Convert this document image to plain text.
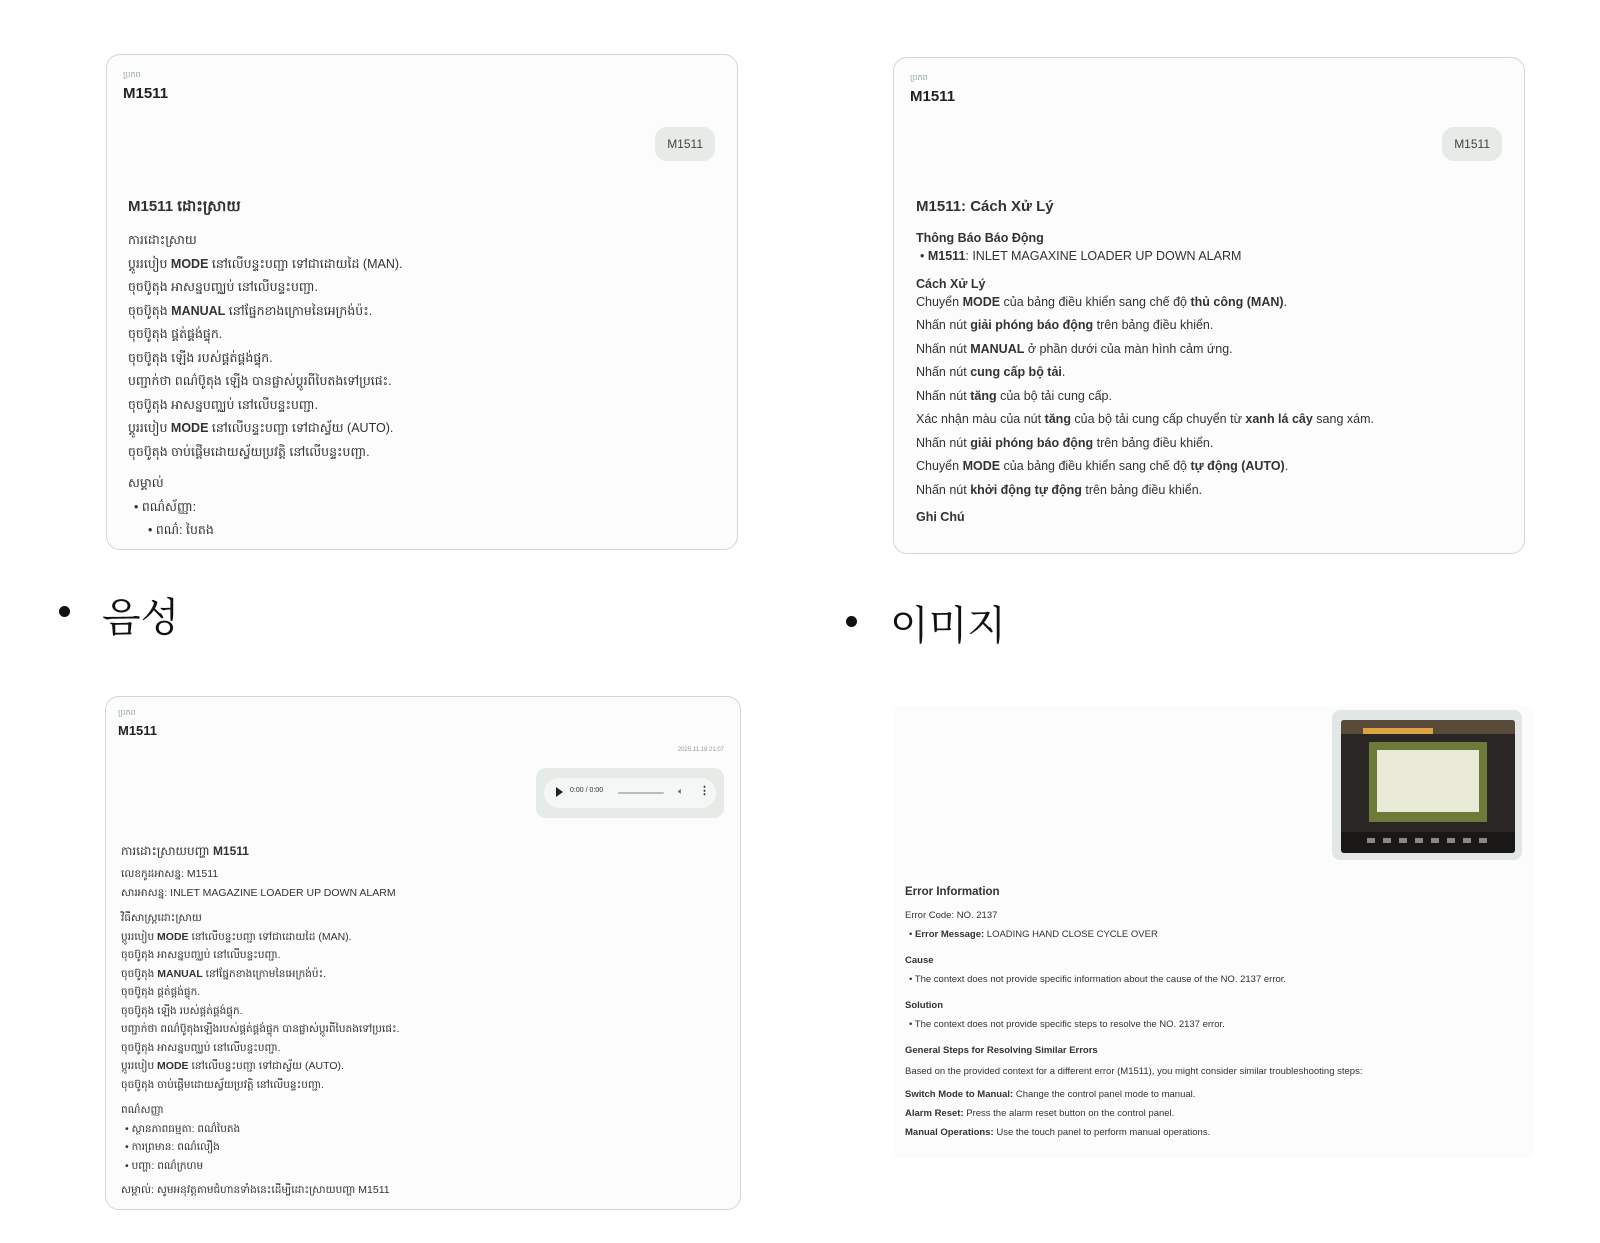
ប្រភព
M1511
M1511
M1511 ដោះស្រាយ
ការដោះស្រាយ
ប្តូររបៀប MODE នៅលើបន្ទះបញ្ជា ទៅជាដោយដៃ (MAN).
ចុចប៊ូតុង អាសន្នបញ្ឈប់ នៅលើបន្ទះបញ្ជា.
ចុចប៊ូតុង MANUAL នៅផ្នែកខាងក្រោមនៃអេក្រង់ប៉ះ.
ចុចប៊ូតុង ផ្គត់ផ្គង់ផ្ទុក.
ចុចប៊ូតុង ឡើង របស់ផ្គត់ផ្គង់ផ្ទុក.
បញ្ជាក់ថា ពណ៌ប៊ូតុង ឡើង បានផ្លាស់ប្តូរពីបៃតងទៅប្រផេះ.
ចុចប៊ូតុង អាសន្នបញ្ឈប់ នៅលើបន្ទះបញ្ជា.
ប្តូររបៀប MODE នៅលើបន្ទះបញ្ជា ទៅជាស្វ័យ (AUTO).
ចុចប៊ូតុង ចាប់ផ្តើមដោយស្វ័យប្រវត្តិ នៅលើបន្ទះបញ្ជា.
សម្គាល់
• ពណ៌ស័ញ្ញា:
• ពណ៌: បៃតង
ប្រភព
M1511
M1511
M1511: Cách Xử Lý
Thông Báo Báo Động
• M1511: INLET MAGAXINE LOADER UP DOWN ALARM
Cách Xử Lý
Chuyển MODE của bảng điều khiển sang chế độ thủ công (MAN).
Nhấn nút giải phóng báo động trên bảng điều khiển.
Nhấn nút MANUAL ở phần dưới của màn hình cảm ứng.
Nhấn nút cung cấp bộ tải.
Nhấn nút tăng của bộ tải cung cấp.
Xác nhận màu của nút tăng của bộ tải cung cấp chuyển từ xanh lá cây sang xám.
Nhấn nút giải phóng báo động trên bảng điều khiển.
Chuyển MODE của bảng điều khiển sang chế độ tự động (AUTO).
Nhấn nút khởi động tự động trên bảng điều khiển.
Ghi Chú
음성	이미지
ប្រភព
M1511
2025.11.18 21:07
0:00 / 0:00	🔈︎ ⋮
ការដោះស្រាយបញ្ហា M1511
លេខកូដអាសន្ន: M1511
សារអាសន្ន: INLET MAGAZINE LOADER UP DOWN ALARM
វិធីសាស្ត្រដោះស្រាយ
ប្តូររបៀប MODE នៅលើបន្ទះបញ្ជា ទៅជាដោយដៃ (MAN).
ចុចប៊ូតុង អាសន្នបញ្ឈប់ នៅលើបន្ទះបញ្ជា.
ចុចប៊ូតុង MANUAL នៅផ្នែកខាងក្រោមនៃអេក្រង់ប៉ះ.
ចុចប៊ូតុង ផ្គត់ផ្គង់ផ្ទុក.
ចុចប៊ូតុង ឡើង របស់ផ្គត់ផ្គង់ផ្ទុក.
បញ្ជាក់ថា ពណ៌ប៊ូតុងឡើងរបស់ផ្គត់ផ្គង់ផ្ទុក បានផ្លាស់ប្តូរពីបៃតងទៅប្រផេះ.
ចុចប៊ូតុង អាសន្នបញ្ឈប់ នៅលើបន្ទះបញ្ជា.
ប្តូររបៀប MODE នៅលើបន្ទះបញ្ជា ទៅជាស្វ័យ (AUTO).
ចុចប៊ូតុង ចាប់ផ្តើមដោយស្វ័យប្រវត្តិ នៅលើបន្ទះបញ្ជា.
ពណ៌សញ្ញា
• ស្ថានភាពធម្មតា: ពណ៌បៃតង
• ការព្រមាន: ពណ៌លឿង
• បញ្ហា: ពណ៌ក្រហម
សម្គាល់: សូមអនុវត្តតាមជំហានទាំងនេះដើម្បីដោះស្រាយបញ្ហា M1511
Error Information
Error Code: NO. 2137
• Error Message: LOADING HAND CLOSE CYCLE OVER
Cause
• The context does not provide specific information about the cause of the NO. 2137 error.
Solution
• The context does not provide specific steps to resolve the NO. 2137 error.
General Steps for Resolving Similar Errors
Based on the provided context for a different error (M1511), you might consider similar troubleshooting steps:
Switch Mode to Manual: Change the control panel mode to manual.
Alarm Reset: Press the alarm reset button on the control panel.
Manual Operations: Use the touch panel to perform manual operations.
